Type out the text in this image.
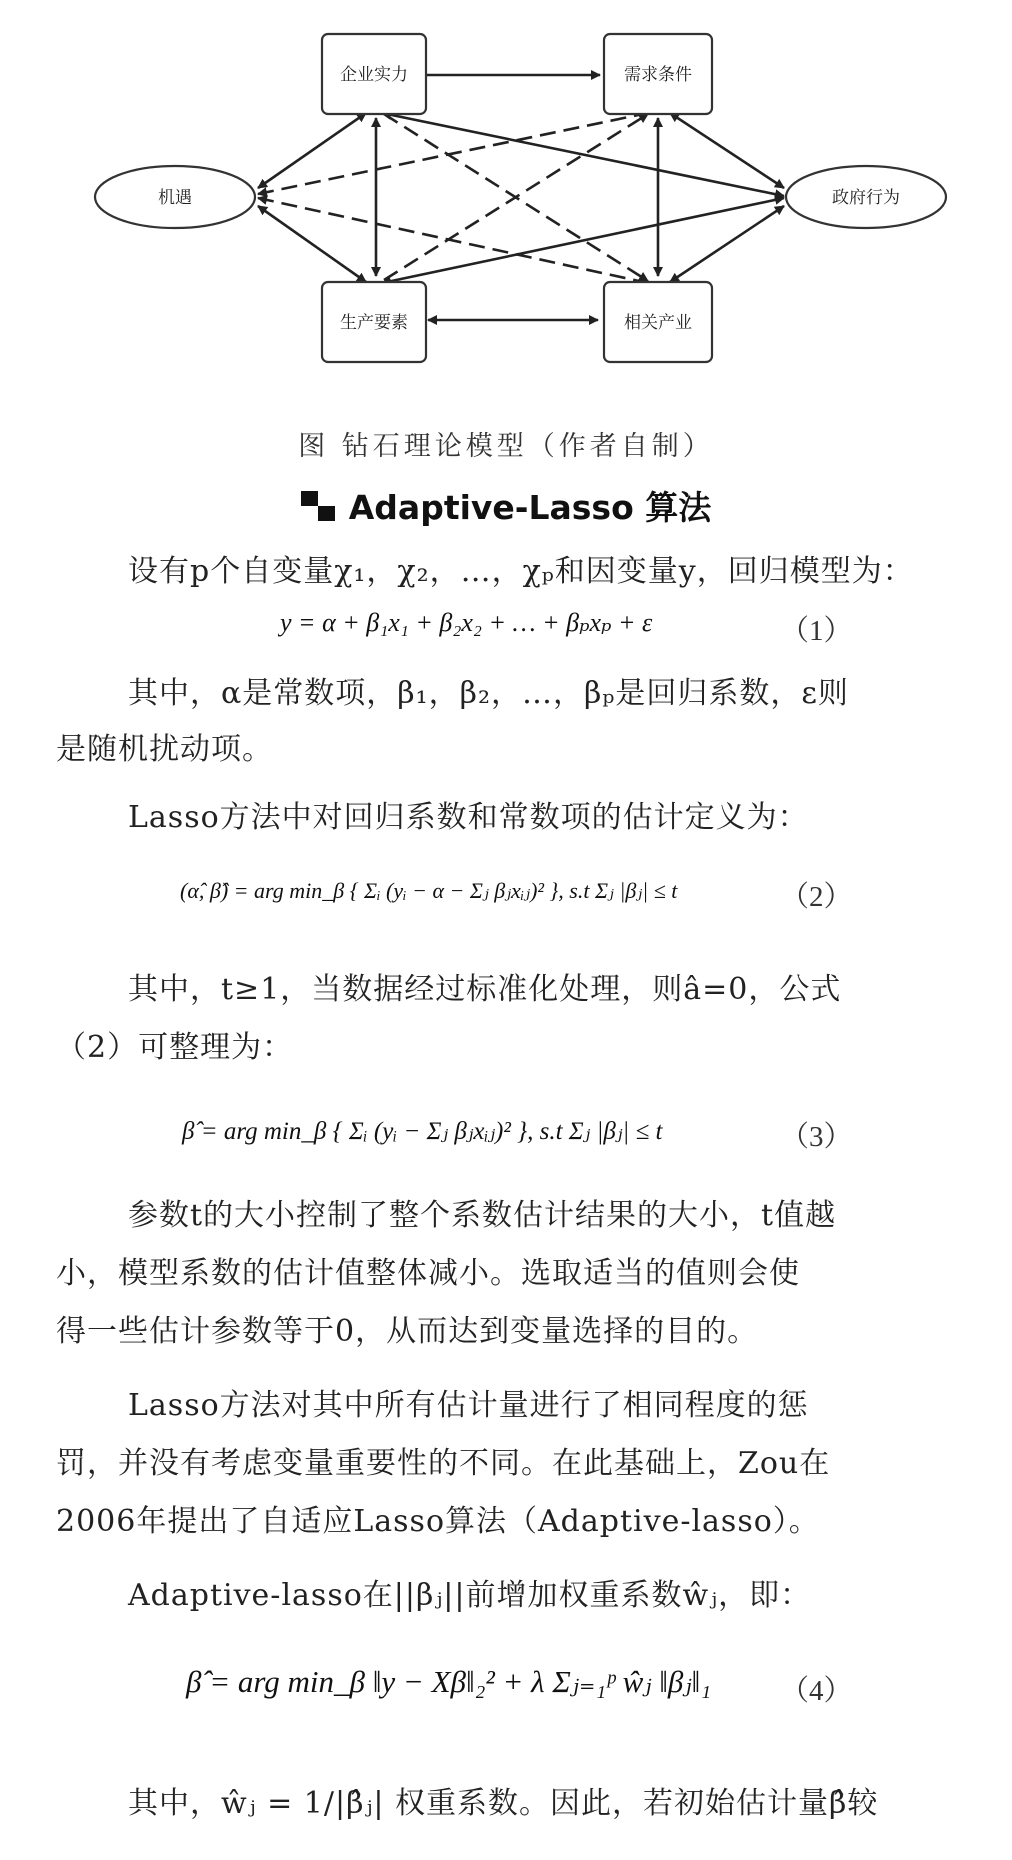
企业实力	需求条件
生产要素	相关产业
机遇	政府行为
图 钻石理论模型（作者自制）
Adaptive-Lasso 算法
设有p个自变量χ₁，χ₂，…，χₚ和因变量y，回归模型为：
y = α + β₁x₁ + β₂x₂ + … + βₚxₚ + ε	（1）
其中，α是常数项，β₁，β₂，…，βₚ是回归系数，ε则
是随机扰动项。
Lasso方法中对回归系数和常数项的估计定义为：
(α̂, β̂) = arg min_β { Σᵢ (yᵢ − α − Σⱼ βⱼxᵢⱼ)² }, s.t Σⱼ |βⱼ| ≤ t	（2）
其中，t≥1，当数据经过标准化处理，则â=0，公式
（2）可整理为：
β̂ = arg min_β { Σᵢ (yᵢ − Σⱼ βⱼxᵢⱼ)² }, s.t Σⱼ |βⱼ| ≤ t	（3）
参数t的大小控制了整个系数估计结果的大小，t值越
小，模型系数的估计值整体减小。选取适当的值则会使
得一些估计参数等于0，从而达到变量选择的目的。
Lasso方法对其中所有估计量进行了相同程度的惩
罚，并没有考虑变量重要性的不同。在此基础上，Zou在
2006年提出了自适应Lasso算法（Adaptive-lasso）。
Adaptive-lasso在||βⱼ||前增加权重系数ŵⱼ，即：
β̂ = arg min_β ‖y − Xβ‖₂² + λ Σⱼ₌₁ᵖ ŵⱼ ‖βⱼ‖₁ （4）
其中，ŵⱼ = 1/|β̂ⱼ| 权重系数。因此，若初始估计量β̂较
